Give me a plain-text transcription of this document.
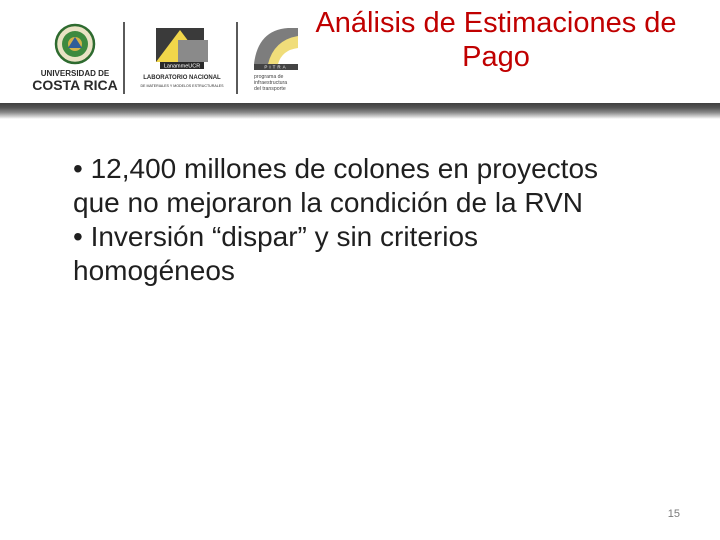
UNIVERSIDAD DE
COSTA RICA
LanammeUCR
LABORATORIO NACIONAL
DE MATERIALES Y MODELOS ESTRUCTURALES
PITRA
programa de
infraestructura
del transporte
Análisis de Estimaciones de
Pago

• 12,400 millones de colones en proyectos que no mejoraron la condición de la RVN

• Inversión “dispar” y sin criterios homogéneos

15
